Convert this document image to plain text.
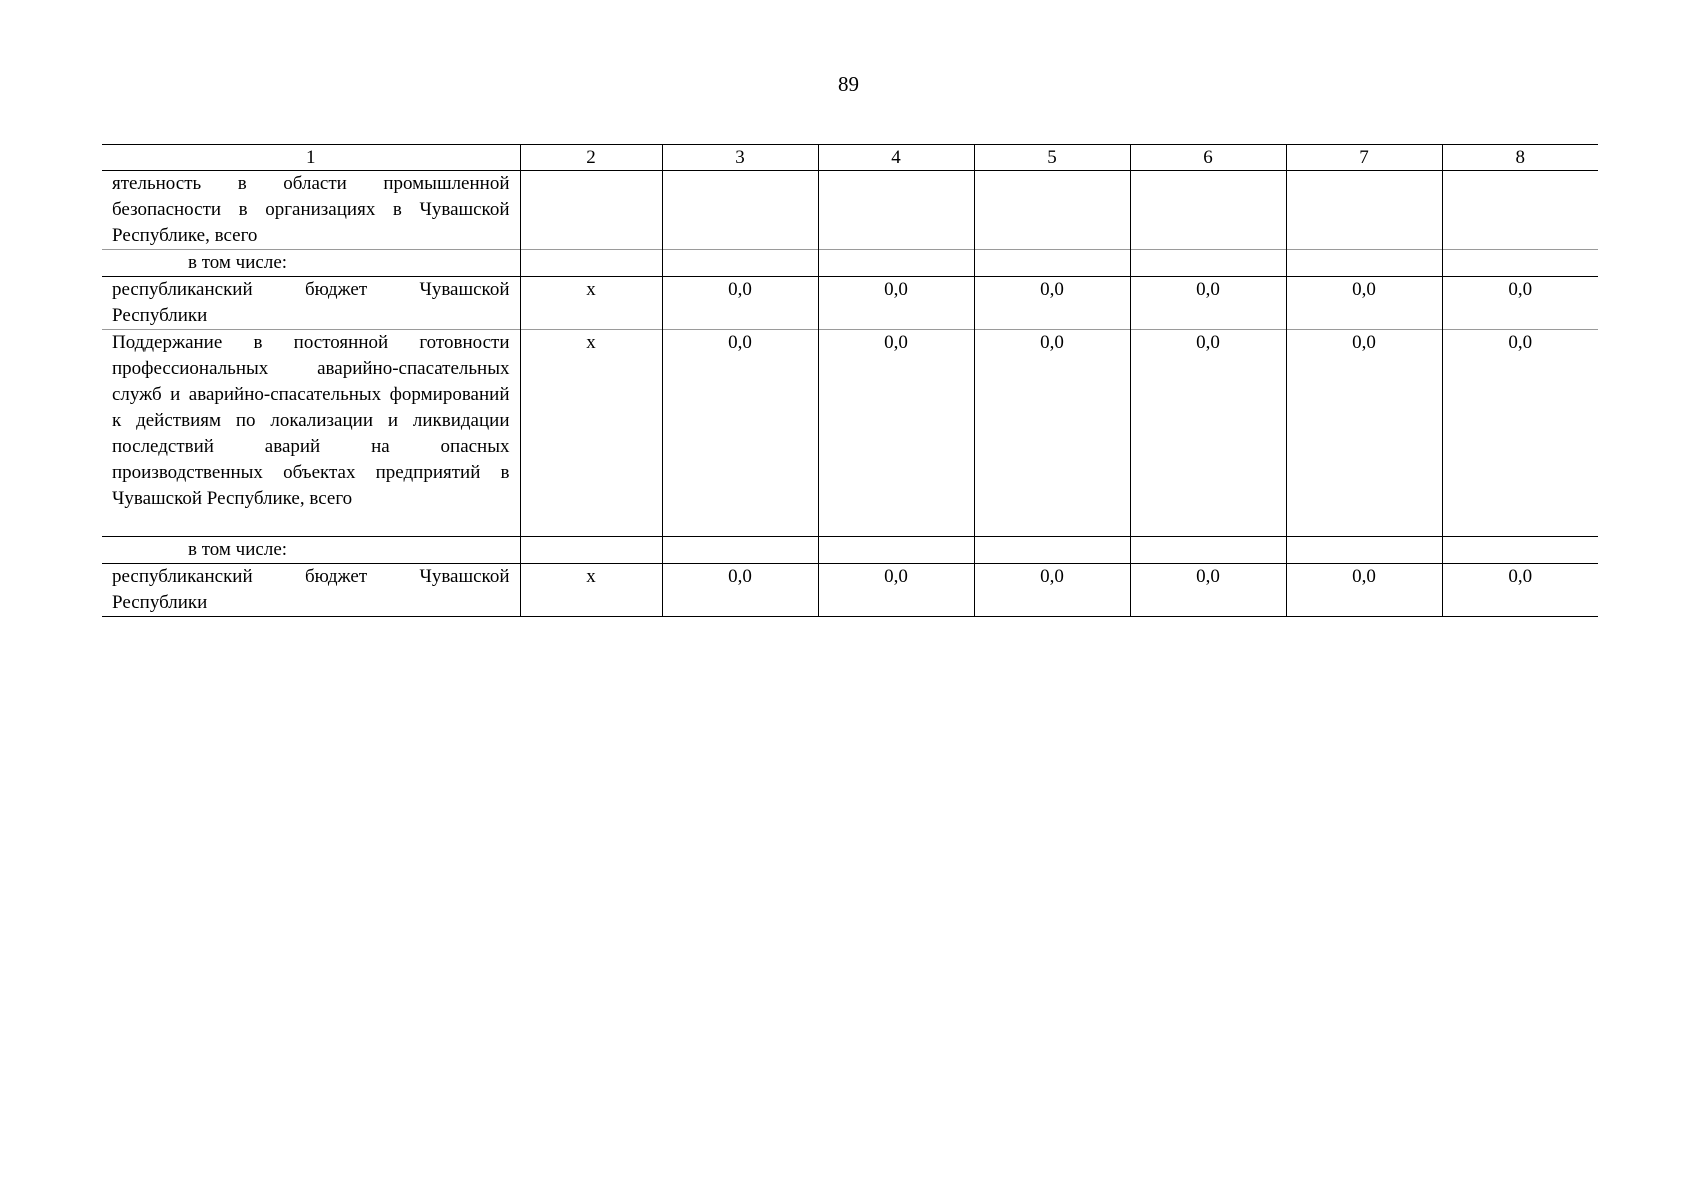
89
1	2	3	4	5	6	7	8
ятельность в области промышленной безопасности в организациях в Чувашской Республике, всего							
в том числе:							
республиканский бюджет Чувашской Республики	x	0,0	0,0	0,0	0,0	0,0	0,0
Поддержание в постоянной готовности профессиональных аварийно-спасательных служб и аварийно-спасательных формирований к действиям по локализации и ликвидации последствий аварий на опасных производственных объектах предприятий в Чувашской Республике, всего	x	0,0	0,0	0,0	0,0	0,0	0,0
в том числе:							
республиканский бюджет Чувашской Республики	x	0,0	0,0	0,0	0,0	0,0	0,0
